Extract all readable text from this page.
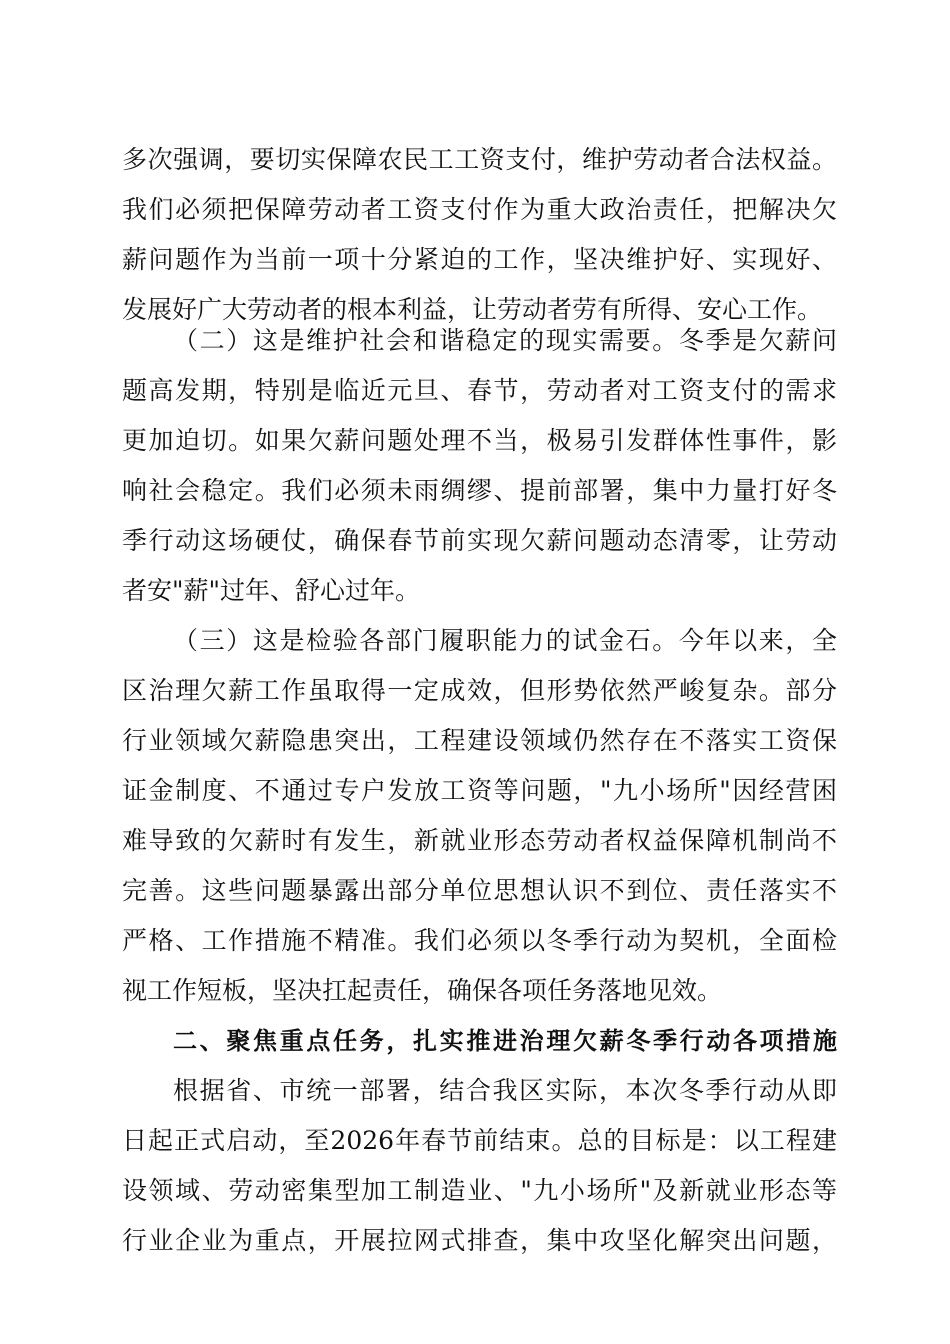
多次强调，要切实保障农民工工资支付，维护劳动者合法权益。
我们必须把保障劳动者工资支付作为重大政治责任，把解决欠
薪问题作为当前一项十分紧迫的工作，坚决维护好、实现好、
发展好广大劳动者的根本利益，让劳动者劳有所得、安心工作。
（二）这是维护社会和谐稳定的现实需要。冬季是欠薪问
题高发期，特别是临近元旦、春节，劳动者对工资支付的需求
更加迫切。如果欠薪问题处理不当，极易引发群体性事件，影
响社会稳定。我们必须未雨绸缪、提前部署，集中力量打好冬
季行动这场硬仗，确保春节前实现欠薪问题动态清零，让劳动
者安"薪"过年、舒心过年。
（三）这是检验各部门履职能力的试金石。今年以来，全
区治理欠薪工作虽取得一定成效，但形势依然严峻复杂。部分
行业领域欠薪隐患突出，工程建设领域仍然存在不落实工资保
证金制度、不通过专户发放工资等问题，"九小场所"因经营困
难导致的欠薪时有发生，新就业形态劳动者权益保障机制尚不
完善。这些问题暴露出部分单位思想认识不到位、责任落实不
严格、工作措施不精准。我们必须以冬季行动为契机，全面检
视工作短板，坚决扛起责任，确保各项任务落地见效。
二、聚焦重点任务，扎实推进治理欠薪冬季行动各项措施
根据省、市统一部署，结合我区实际，本次冬季行动从即
日起正式启动，至2026年春节前结束。总的目标是：以工程建
设领域、劳动密集型加工制造业、"九小场所"及新就业形态等
行业企业为重点，开展拉网式排查，集中攻坚化解突出问题，
